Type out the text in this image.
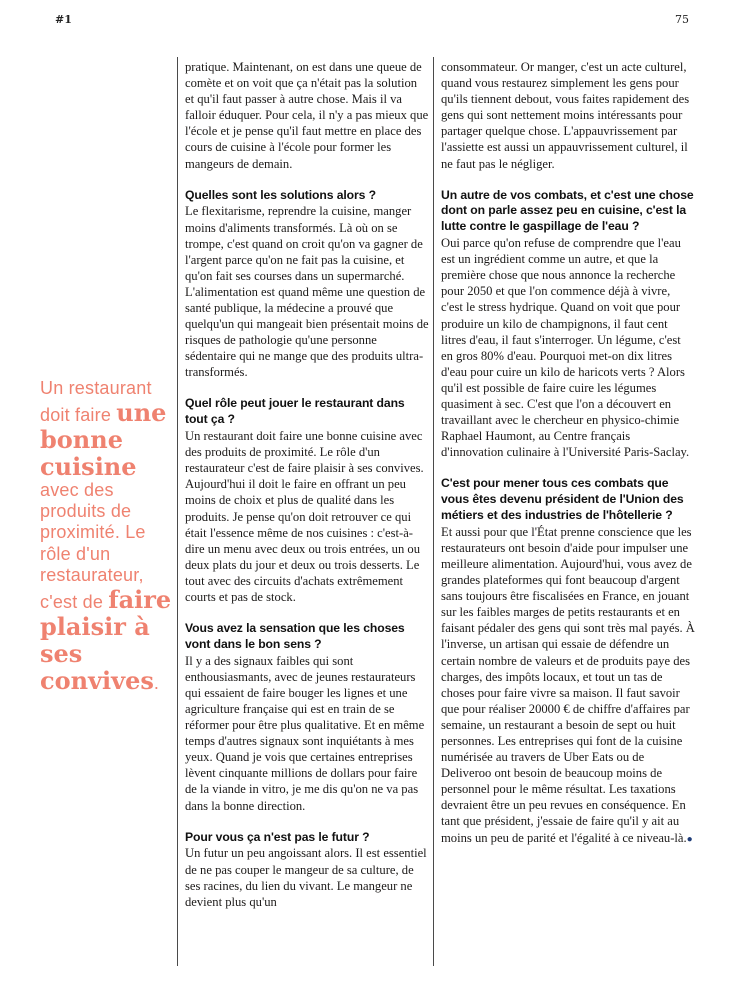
#1	75
Un restaurant doit faire une bonne cuisine avec des produits de proximité. Le rôle d'un restaurateur, c'est de faire plaisir à ses convives.

pratique. Maintenant, on est dans une queue de comète et on voit que ça n'était pas la solution et qu'il faut passer à autre chose. Mais il va falloir éduquer. Pour cela, il n'y a pas mieux que l'école et je pense qu'il faut mettre en place des cours de cuisine à l'école pour former les mangeurs de demain.

Quelles sont les solutions alors ?

Le flexitarisme, reprendre la cuisine, manger moins d'aliments transformés. Là où on se trompe, c'est quand on croit qu'on va gagner de l'argent parce qu'on ne fait pas la cuisine, et qu'on fait ses courses dans un supermarché. L'alimentation est quand même une question de santé publique, la médecine a prouvé que quelqu'un qui mangeait bien présentait moins de risques de pathologie qu'une personne sédentaire qui ne mange que des produits ultra-transformés.

Quel rôle peut jouer le restaurant dans tout ça ?

Un restaurant doit faire une bonne cuisine avec des produits de proximité. Le rôle d'un restaurateur c'est de faire plaisir à ses convives. Aujourd'hui il doit le faire en offrant un peu moins de choix et plus de qualité dans les produits. Je pense qu'on doit retrouver ce qui était l'essence même de nos cuisines : c'est-à-dire un menu avec deux ou trois entrées, un ou deux plats du jour et deux ou trois desserts. Le tout avec des circuits d'achats extrêmement courts et pas de stock.

Vous avez la sensation que les choses vont dans le bon sens ?

Il y a des signaux faibles qui sont enthousiasmants, avec de jeunes restaurateurs qui essaient de faire bouger les lignes et une agriculture française qui est en train de se réformer pour être plus qualitative. Et en même temps d'autres signaux sont inquiétants à mes yeux. Quand je vois que certaines entreprises lèvent cinquante millions de dollars pour faire de la viande in vitro, je me dis qu'on ne va pas dans la bonne direction.

Pour vous ça n'est pas le futur ?

Un futur un peu angoissant alors. Il est essentiel de ne pas couper le mangeur de sa culture, de ses racines, du lien du vivant. Le mangeur ne devient plus qu'un

consommateur. Or manger, c'est un acte culturel, quand vous restaurez simplement les gens pour qu'ils tiennent debout, vous faites rapidement des gens qui sont nettement moins intéressants pour partager quelque chose. L'appauvrissement par l'assiette est aussi un appauvrissement culturel, il ne faut pas le négliger.

Un autre de vos combats, et c'est une chose dont on parle assez peu en cuisine, c'est la lutte contre le gaspillage de l'eau ?

Oui parce qu'on refuse de comprendre que l'eau est un ingrédient comme un autre, et que la première chose que nous annonce la recherche pour 2050 et que l'on commence déjà à vivre, c'est le stress hydrique. Quand on voit que pour produire un kilo de champignons, il faut cent litres d'eau, il faut s'interroger. Un légume, c'est en gros 80% d'eau. Pourquoi met-on dix litres d'eau pour cuire un kilo de haricots verts ? Alors qu'il est possible de faire cuire les légumes quasiment à sec. C'est que l'on a découvert en travaillant avec le chercheur en physico-chimie Raphael Haumont, au Centre français d'innovation culinaire à l'Université Paris-Saclay.

C'est pour mener tous ces combats que vous êtes devenu président de l'Union des métiers et des industries de l'hôtellerie ?

Et aussi pour que l'État prenne conscience que les restaurateurs ont besoin d'aide pour impulser une meilleure alimentation. Aujourd'hui, vous avez de grandes plateformes qui font beaucoup d'argent sans toujours être fiscalisées en France, en jouant sur les faibles marges de petits restaurants et en faisant pédaler des gens qui sont très mal payés. À l'inverse, un artisan qui essaie de défendre un certain nombre de valeurs et de produits paye des charges, des impôts locaux, et tout un tas de choses pour faire vivre sa maison. Il faut savoir que pour réaliser 20000 € de chiffre d'affaires par semaine, un restaurant a besoin de sept ou huit personnes. Les entreprises qui font de la cuisine numérisée au travers de Uber Eats ou de Deliveroo ont besoin de beaucoup moins de personnel pour le même résultat. Les taxations devraient être un peu revues en conséquence. En tant que président, j'essaie de faire qu'il y ait au moins un peu de parité et l'égalité à ce niveau-là.●
